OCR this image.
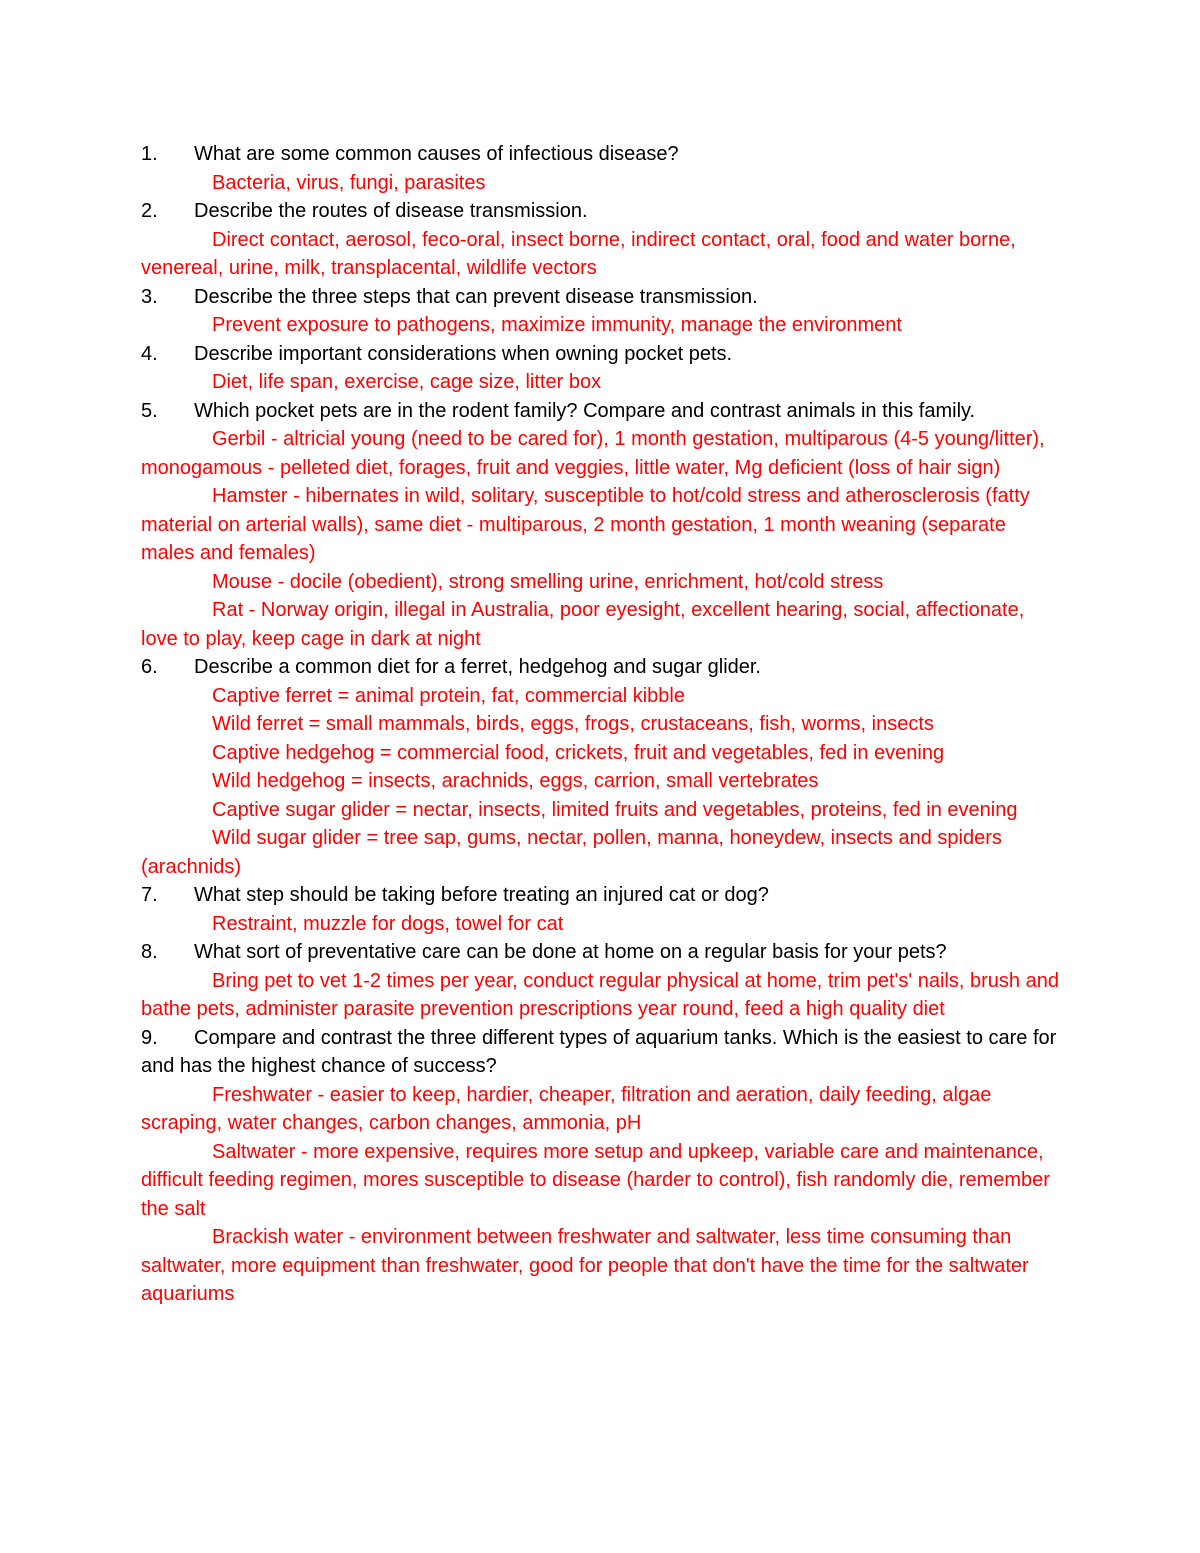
1. What are some common causes of infectious disease?
Bacteria, virus, fungi, parasites
2. Describe the routes of disease transmission.
Direct contact, aerosol, feco-oral, insect borne, indirect contact, oral, food and water borne, venereal, urine, milk, transplacental, wildlife vectors
3. Describe the three steps that can prevent disease transmission.
Prevent exposure to pathogens, maximize immunity, manage the environment
4. Describe important considerations when owning pocket pets.
Diet, life span, exercise, cage size, litter box
5. Which pocket pets are in the rodent family? Compare and contrast animals in this family.
Gerbil - altricial young (need to be cared for), 1 month gestation, multiparous (4-5 young/litter), monogamous - pelleted diet, forages, fruit and veggies, little water, Mg deficient (loss of hair sign)
Hamster - hibernates in wild, solitary, susceptible to hot/cold stress and atherosclerosis (fatty material on arterial walls), same diet - multiparous, 2 month gestation, 1 month weaning (separate males and females)
Mouse - docile (obedient), strong smelling urine, enrichment, hot/cold stress
Rat - Norway origin, illegal in Australia, poor eyesight, excellent hearing, social, affectionate, love to play, keep cage in dark at night
6. Describe a common diet for a ferret, hedgehog and sugar glider.
Captive ferret = animal protein, fat, commercial kibble
Wild ferret = small mammals, birds, eggs, frogs, crustaceans, fish, worms, insects
Captive hedgehog = commercial food, crickets, fruit and vegetables, fed in evening
Wild hedgehog = insects, arachnids, eggs, carrion, small vertebrates
Captive sugar glider = nectar, insects, limited fruits and vegetables, proteins, fed in evening
Wild sugar glider = tree sap, gums, nectar, pollen, manna, honeydew, insects and spiders (arachnids)
7. What step should be taking before treating an injured cat or dog?
Restraint, muzzle for dogs, towel for cat
8. What sort of preventative care can be done at home on a regular basis for your pets?
Bring pet to vet 1-2 times per year, conduct regular physical at home, trim pet's' nails, brush and bathe pets, administer parasite prevention prescriptions year round, feed a high quality diet
9. Compare and contrast the three different types of aquarium tanks. Which is the easiest to care for and has the highest chance of success?
Freshwater - easier to keep, hardier, cheaper, filtration and aeration, daily feeding, algae scraping, water changes, carbon changes, ammonia, pH
Saltwater - more expensive, requires more setup and upkeep, variable care and maintenance, difficult feeding regimen, mores susceptible to disease (harder to control), fish randomly die, remember the salt
Brackish water - environment between freshwater and saltwater, less time consuming than saltwater, more equipment than freshwater, good for people that don't have the time for the saltwater aquariums
